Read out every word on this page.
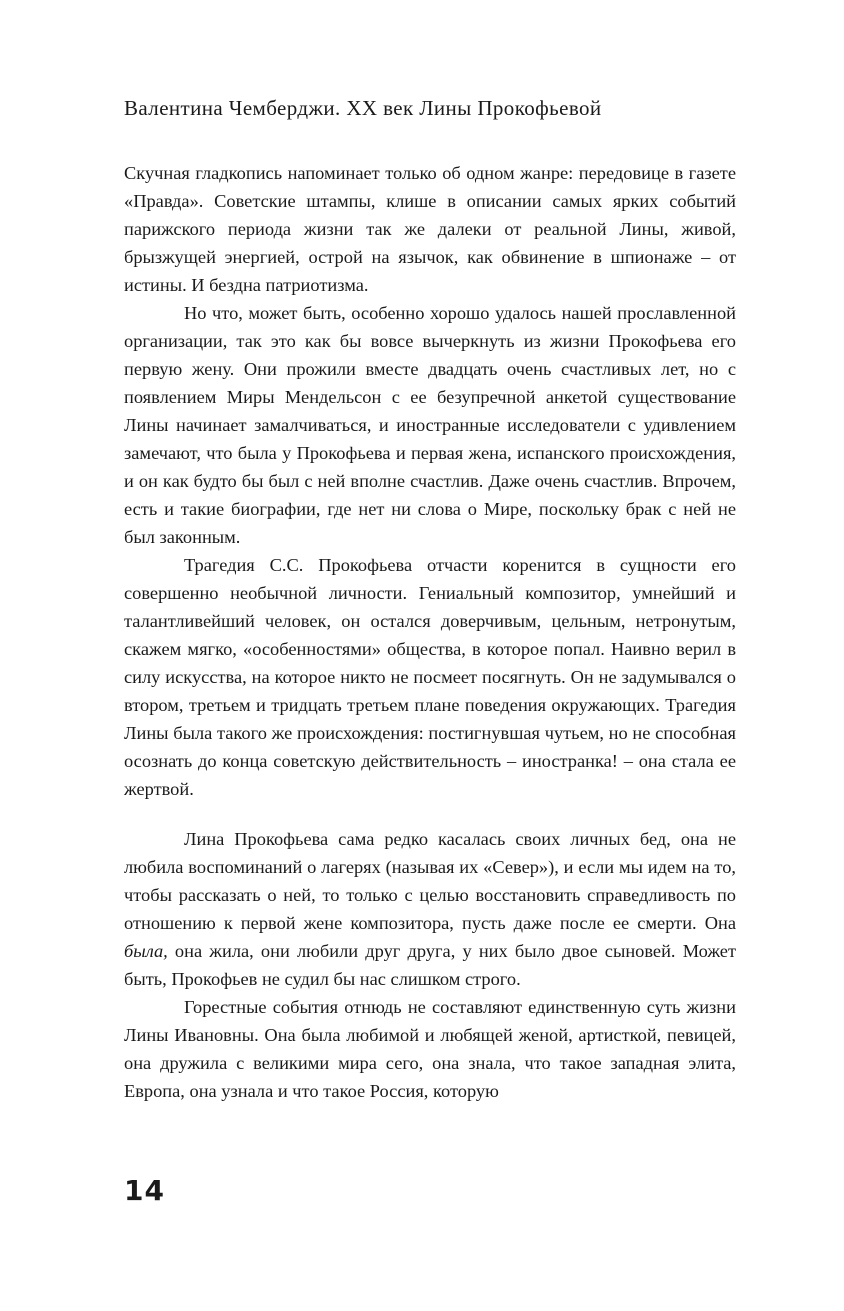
Валентина Чемберджи. XX век Лины Прокофьевой

Скучная гладкопись напоминает только об одном жанре: передовице в газете «Правда». Советские штампы, клише в описании самых ярких событий парижского периода жизни так же далеки от реальной Лины, живой, брызжущей энергией, острой на язычок, как обвинение в шпионаже – от истины. И бездна патриотизма.

Но что, может быть, особенно хорошо удалось нашей прославленной организации, так это как бы вовсе вычеркнуть из жизни Прокофьева его первую жену. Они прожили вместе двадцать очень счастливых лет, но с появлением Миры Мендельсон с ее безупречной анкетой существование Лины начинает замалчиваться, и иностранные исследователи с удивлением замечают, что была у Прокофьева и первая жена, испанского происхождения, и он как будто бы был с ней вполне счастлив. Даже очень счастлив. Впрочем, есть и такие биографии, где нет ни слова о Мире, поскольку брак с ней не был законным.

Трагедия С.С. Прокофьева отчасти коренится в сущности его совершенно необычной личности. Гениальный композитор, умнейший и талантливейший человек, он остался доверчивым, цельным, нетронутым, скажем мягко, «особенностями» общества, в которое попал. Наивно верил в силу искусства, на которое никто не посмеет посягнуть. Он не задумывался о втором, третьем и тридцать третьем плане поведения окружающих. Трагедия Лины была такого же происхождения: постигнувшая чутьем, но не способная осознать до конца советскую действительность – иностранка! – она стала ее жертвой.

Лина Прокофьева сама редко касалась своих личных бед, она не любила воспоминаний о лагерях (называя их «Север»), и если мы идем на то, чтобы рассказать о ней, то только с целью восстановить справедливость по отношению к первой жене композитора, пусть даже после ее смерти. Она была, она жила, они любили друг друга, у них было двое сыновей. Может быть, Прокофьев не судил бы нас слишком строго.

Горестные события отнюдь не составляют единственную суть жизни Лины Ивановны. Она была любимой и любящей женой, артисткой, певицей, она дружила с великими мира сего, она знала, что такое западная элита, Европа, она узнала и что такое Россия, которую

14
